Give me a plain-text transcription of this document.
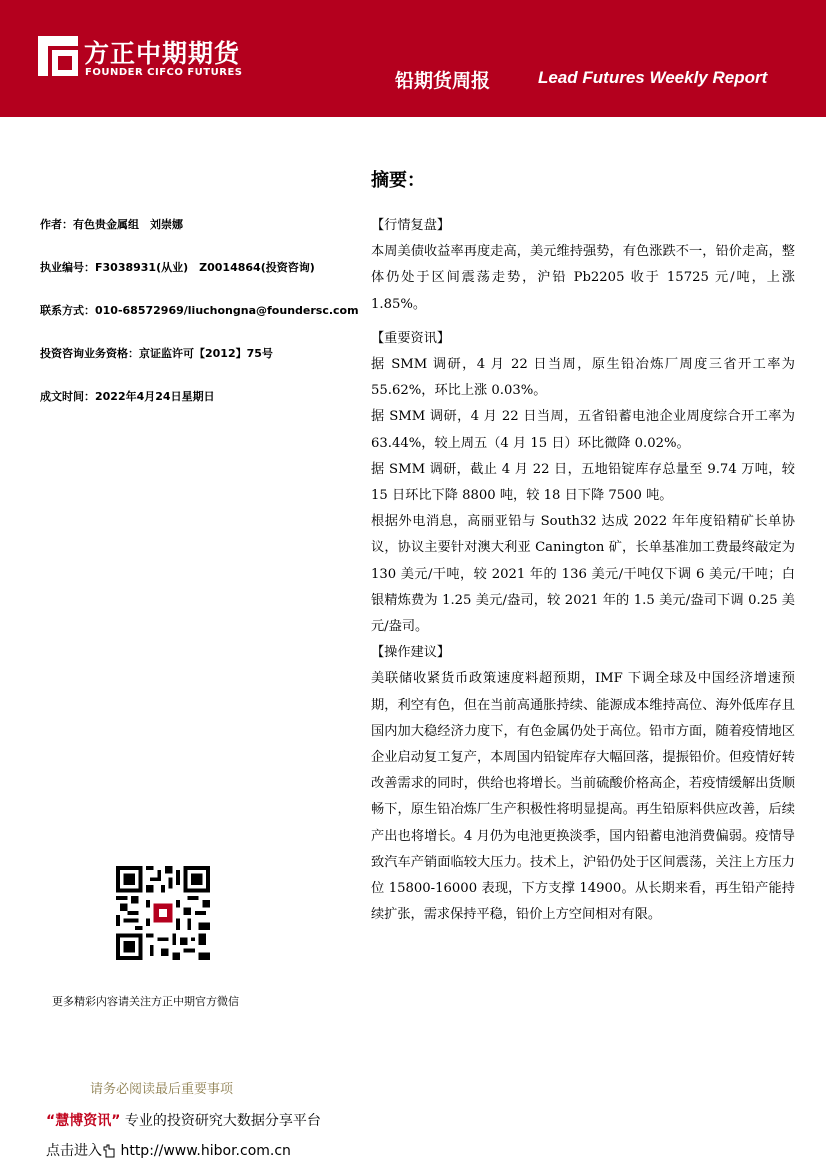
方正中期期货
FOUNDER CIFCO FUTURES	铅期货周报	Lead Futures Weekly Report
作者：有色贵金属组　刘崇娜
执业编号：F3038931(从业)　Z0014864(投资咨询)
联系方式：010-68572969/liuchongna@foundersc.com
投资咨询业务资格：京证监许可【2012】75号
成文时间：2022年4月24日星期日
更多精彩内容请关注方正中期官方微信
摘要：
【行情复盘】

本周美债收益率再度走高，美元维持强势，有色涨跌不一，铅价走高，整体仍处于区间震荡走势，沪铅 Pb2205 收于 15725 元/吨，上涨 1.85%。

【重要资讯】

据 SMM 调研，4 月 22 日当周，原生铅冶炼厂周度三省开工率为 55.62%，环比上涨 0.03%。

据 SMM 调研，4 月 22 日当周，五省铅蓄电池企业周度综合开工率为 63.44%，较上周五（4 月 15 日）环比微降 0.02%。

据 SMM 调研，截止 4 月 22 日，五地铅锭库存总量至 9.74 万吨，较 15 日环比下降 8800 吨，较 18 日下降 7500 吨。

根据外电消息，高丽亚铅与 South32 达成 2022 年年度铅精矿长单协议，协议主要针对澳大利亚 Canington 矿，长单基准加工费最终敲定为 130 美元/干吨，较 2021 年的 136 美元/干吨仅下调 6 美元/干吨；白银精炼费为 1.25 美元/盎司，较 2021 年的 1.5 美元/盎司下调 0.25 美元/盎司。

【操作建议】

美联储收紧货币政策速度料超预期，IMF 下调全球及中国经济增速预期，利空有色，但在当前高通胀持续、能源成本维持高位、海外低库存且国内加大稳经济力度下，有色金属仍处于高位。铅市方面，随着疫情地区企业启动复工复产，本周国内铅锭库存大幅回落，提振铅价。但疫情好转改善需求的同时，供给也将增长。当前硫酸价格高企，若疫情缓解出货顺畅下，原生铅冶炼厂生产积极性将明显提高。再生铅原料供应改善，后续产出也将增长。4 月仍为电池更换淡季，国内铅蓄电池消费偏弱。疫情导致汽车产销面临较大压力。技术上，沪铅仍处于区间震荡，关注上方压力位 15800-16000 表现，下方支撑 14900。从长期来看，再生铅产能持续扩张，需求保持平稳，铅价上方空间相对有限。

请务必阅读最后重要事项
“慧博资讯” 专业的投资研究大数据分享平台
点击进入 http://www.hibor.com.cn
